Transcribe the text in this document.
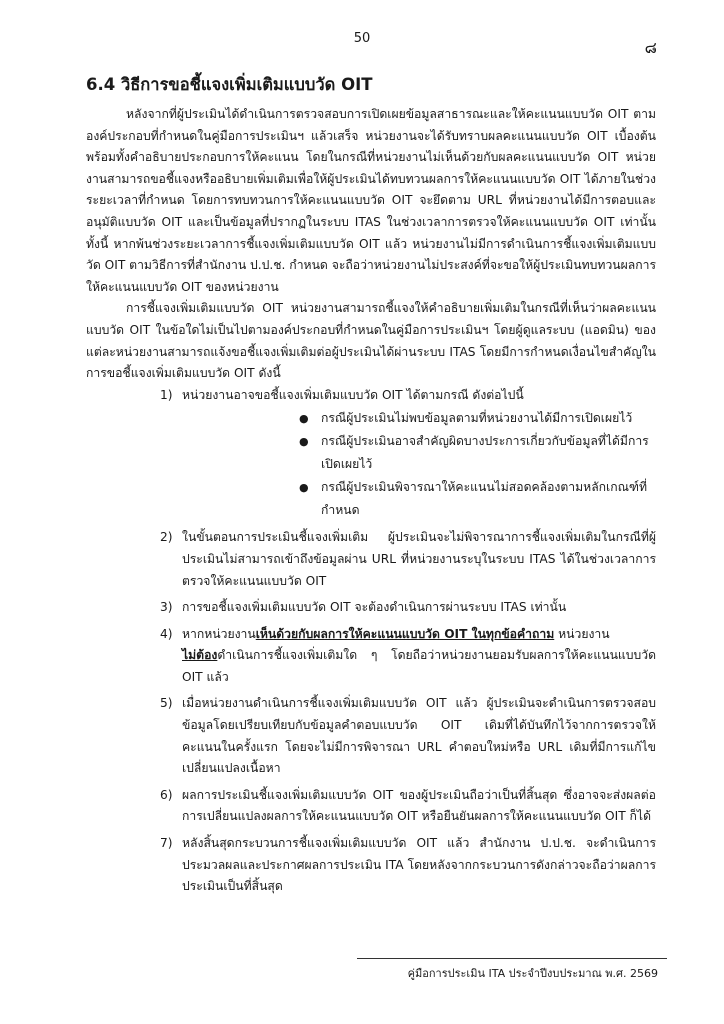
50	๘
6.4 วิธีการขอชี้แจงเพิ่มเติมแบบวัด OIT

หลังจากที่ผู้ประเมินได้ดำเนินการตรวจสอบการเปิดเผยข้อมูลสาธารณะและให้คะแนนแบบวัด OIT ตามองค์ประกอบที่กำหนดในคู่มือการประเมินฯ แล้วเสร็จ หน่วยงานจะได้รับทราบผลคะแนนแบบวัด OIT เบื้องต้น พร้อมทั้งคำอธิบายประกอบการให้คะแนน โดยในกรณีที่หน่วยงานไม่เห็นด้วยกับผลคะแนนแบบวัด OIT หน่วยงานสามารถขอชี้แจงหรืออธิบายเพิ่มเติมเพื่อให้ผู้ประเมินได้ทบทวนผลการให้คะแนนแบบวัด OIT ได้ภายในช่วงระยะเวลาที่กำหนด โดยการทบทวนการให้คะแนนแบบวัด OIT จะยึดตาม URL ที่หน่วยงานได้มีการตอบและอนุมัติแบบวัด OIT และเป็นข้อมูลที่ปรากฏในระบบ ITAS ในช่วงเวลาการตรวจให้คะแนนแบบวัด OIT เท่านั้น ทั้งนี้ หากพ้นช่วงระยะเวลาการชี้แจงเพิ่มเติมแบบวัด OIT แล้ว หน่วยงานไม่มีการดำเนินการชี้แจงเพิ่มเติมแบบวัด OIT ตามวิธีการที่สำนักงาน ป.ป.ช. กำหนด จะถือว่าหน่วยงานไม่ประสงค์ที่จะขอให้ผู้ประเมินทบทวนผลการให้คะแนนแบบวัด OIT ของหน่วยงาน

การชี้แจงเพิ่มเติมแบบวัด OIT หน่วยงานสามารถชี้แจงให้คำอธิบายเพิ่มเติมในกรณีที่เห็นว่าผลคะแนนแบบวัด OIT ในข้อใดไม่เป็นไปตามองค์ประกอบที่กำหนดในคู่มือการประเมินฯ โดยผู้ดูแลระบบ (แอดมิน) ของแต่ละหน่วยงานสามารถแจ้งขอชี้แจงเพิ่มเติมต่อผู้ประเมินได้ผ่านระบบ ITAS โดยมีการกำหนดเงื่อนไขสำคัญในการขอชี้แจงเพิ่มเติมแบบวัด OIT ดังนี้

1) หน่วยงานอาจขอชี้แจงเพิ่มเติมแบบวัด OIT ได้ตามกรณี ดังต่อไปนี้
● กรณีผู้ประเมินไม่พบข้อมูลตามที่หน่วยงานได้มีการเปิดเผยไว้
● กรณีผู้ประเมินอาจสำคัญผิดบางประการเกี่ยวกับข้อมูลที่ได้มีการเปิดเผยไว้
● กรณีผู้ประเมินพิจารณาให้คะแนนไม่สอดคล้องตามหลักเกณฑ์ที่กำหนด
2) ในขั้นตอนการประเมินชี้แจงเพิ่มเติม ผู้ประเมินจะไม่พิจารณาการชี้แจงเพิ่มเติมในกรณีที่ผู้ประเมินไม่สามารถเข้าถึงข้อมูลผ่าน URL ที่หน่วยงานระบุในระบบ ITAS ได้ในช่วงเวลาการตรวจให้คะแนนแบบวัด OIT
3) การขอชี้แจงเพิ่มเติมแบบวัด OIT จะต้องดำเนินการผ่านระบบ ITAS เท่านั้น
4) หากหน่วยงานเห็นด้วยกับผลการให้คะแนนแบบวัด OIT ในทุกข้อคำถาม หน่วยงาน
ไม่ต้องดำเนินการชี้แจงเพิ่มเติมใด ๆ โดยถือว่าหน่วยงานยอมรับผลการให้คะแนนแบบวัด OIT แล้ว
5) เมื่อหน่วยงานดำเนินการชี้แจงเพิ่มเติมแบบวัด OIT แล้ว ผู้ประเมินจะดำเนินการตรวจสอบข้อมูลโดยเปรียบเทียบกับข้อมูลคำตอบแบบวัด OIT เดิมที่ได้บันทึกไว้จากการตรวจให้คะแนนในครั้งแรก โดยจะไม่มีการพิจารณา URL คำตอบใหม่หรือ URL เดิมที่มีการแก้ไขเปลี่ยนแปลงเนื้อหา
6) ผลการประเมินชี้แจงเพิ่มเติมแบบวัด OIT ของผู้ประเมินถือว่าเป็นที่สิ้นสุด ซึ่งอาจจะส่งผลต่อการเปลี่ยนแปลงผลการให้คะแนนแบบวัด OIT หรือยืนยันผลการให้คะแนนแบบวัด OIT ก็ได้
7) หลังสิ้นสุดกระบวนการชี้แจงเพิ่มเติมแบบวัด OIT แล้ว สำนักงาน ป.ป.ช. จะดำเนินการประมวลผลและประกาศผลการประเมิน ITA โดยหลังจากกระบวนการดังกล่าวจะถือว่าผลการประเมินเป็นที่สิ้นสุด
คู่มือการประเมิน ITA ประจำปีงบประมาณ พ.ศ. 2569
